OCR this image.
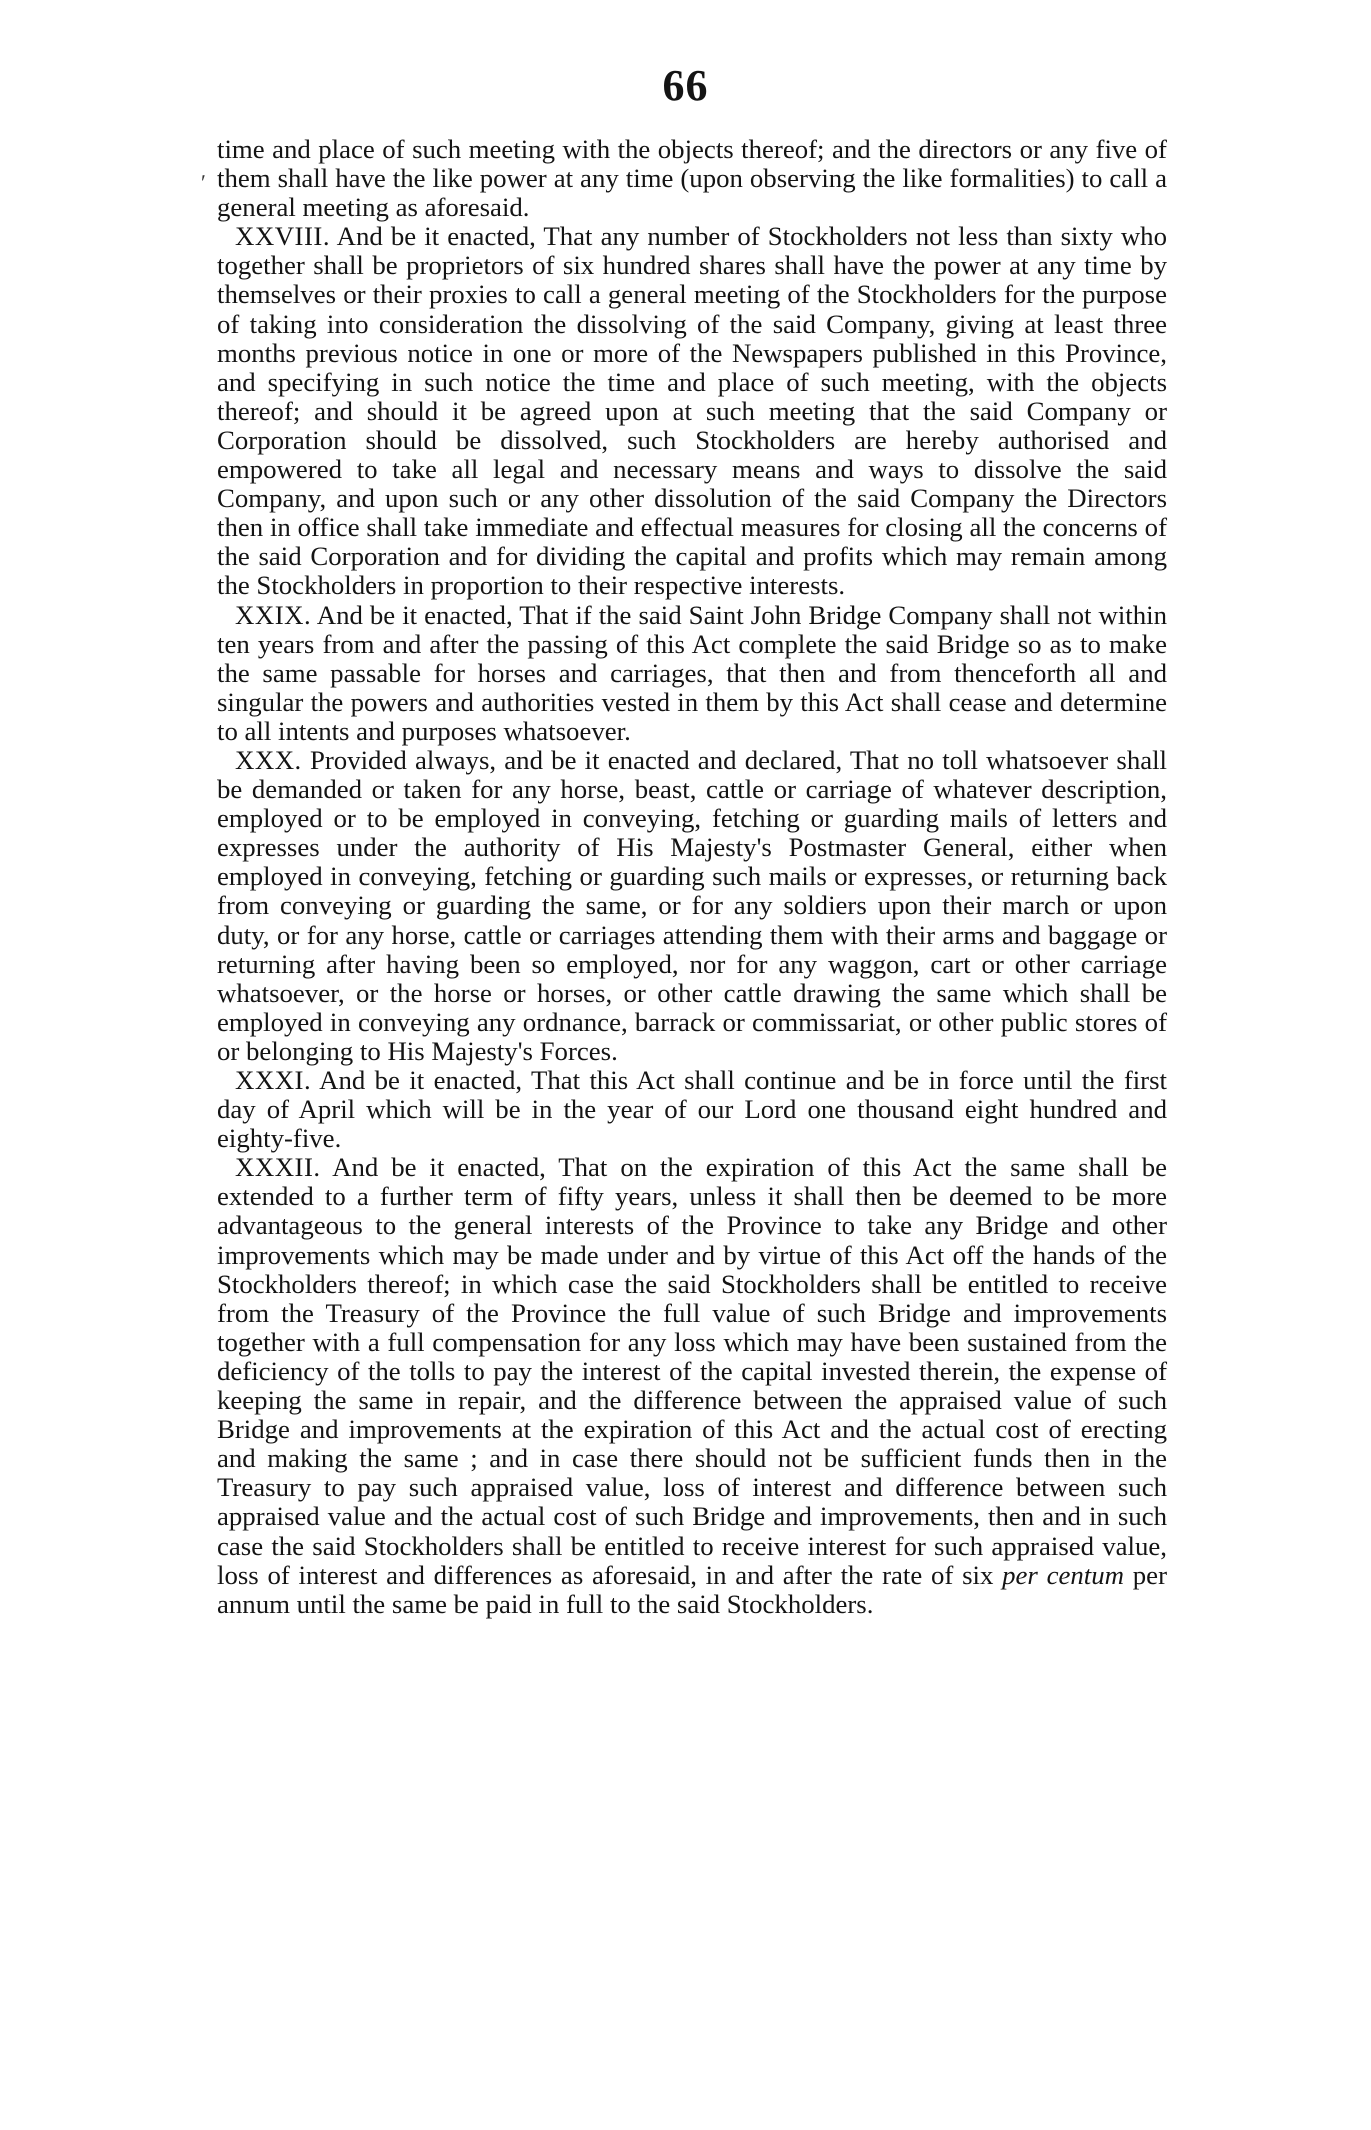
66
ʹ

time and place of such meeting with the objects thereof; and the directors or any five of them shall have the like power at any time (upon observing the like formalities) to call a general meeting as aforesaid.

XXVIII. And be it enacted, That any number of Stockholders not less than sixty who together shall be proprietors of six hundred shares shall have the power at any time by themselves or their proxies to call a general meeting of the Stockholders for the purpose of taking into consideration the dissolving of the said Company, giving at least three months previous notice in one or more of the Newspapers published in this Province, and specifying in such notice the time and place of such meeting, with the objects thereof; and should it be agreed upon at such meeting that the said Company or Corporation should be dissolved, such Stockholders are hereby authorised and empowered to take all legal and necessary means and ways to dissolve the said Company, and upon such or any other dissolution of the said Company the Directors then in office shall take immediate and effectual measures for closing all the concerns of the said Corporation and for dividing the capital and profits which may remain among the Stockholders in proportion to their respective interests.

XXIX. And be it enacted, That if the said Saint John Bridge Company shall not within ten years from and after the passing of this Act complete the said Bridge so as to make the same passable for horses and carriages, that then and from thenceforth all and singular the powers and authorities vested in them by this Act shall cease and determine to all intents and purposes whatsoever.

XXX. Provided always, and be it enacted and declared, That no toll whatsoever shall be demanded or taken for any horse, beast, cattle or carriage of whatever description, employed or to be employed in conveying, fetching or guarding mails of letters and expresses under the authority of His Majesty's Postmaster General, either when employed in conveying, fetching or guarding such mails or expresses, or returning back from conveying or guarding the same, or for any soldiers upon their march or upon duty, or for any horse, cattle or carriages attending them with their arms and baggage or returning after having been so employed, nor for any waggon, cart or other carriage whatsoever, or the horse or horses, or other cattle drawing the same which shall be employed in conveying any ordnance, barrack or commissariat, or other public stores of or belonging to His Majesty's Forces.

XXXI. And be it enacted, That this Act shall continue and be in force until the first day of April which will be in the year of our Lord one thousand eight hundred and eighty-five.

XXXII. And be it enacted, That on the expiration of this Act the same shall be extended to a further term of fifty years, unless it shall then be deemed to be more advantageous to the general interests of the Province to take any Bridge and other improvements which may be made under and by virtue of this Act off the hands of the Stockholders thereof; in which case the said Stockholders shall be entitled to receive from the Treasury of the Province the full value of such Bridge and improvements together with a full compensation for any loss which may have been sustained from the deficiency of the tolls to pay the interest of the capital invested therein, the expense of keeping the same in repair, and the difference between the appraised value of such Bridge and improvements at the expiration of this Act and the actual cost of erecting and making the same ; and in case there should not be sufficient funds then in the Treasury to pay such appraised value, loss of interest and difference between such appraised value and the actual cost of such Bridge and improvements, then and in such case the said Stockholders shall be entitled to receive interest for such appraised value, loss of interest and differences as aforesaid, in and after the rate of six per centum per annum until the same be paid in full to the said Stockholders.
